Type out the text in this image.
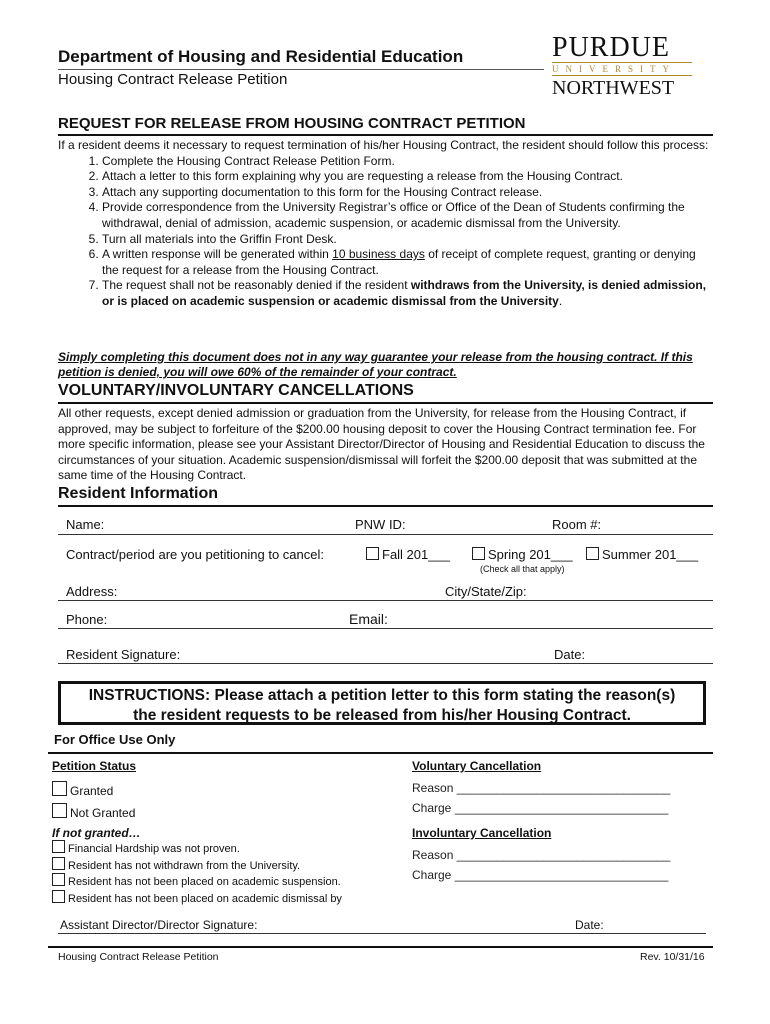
Department of Housing and Residential Education
Housing Contract Release Petition
PURDUE
UNIVERSITY
NORTHWEST
REQUEST FOR RELEASE FROM HOUSING CONTRACT PETITION
If a resident deems it necessary to request termination of his/her Housing Contract, the resident should follow this process:
1. Complete the Housing Contract Release Petition Form.
2. Attach a letter to this form explaining why you are requesting a release from the Housing Contract.
3. Attach any supporting documentation to this form for the Housing Contract release.
4. Provide correspondence from the University Registrar’s office or Office of the Dean of Students confirming the withdrawal, denial of admission, academic suspension, or academic dismissal from the University.
5. Turn all materials into the Griffin Front Desk.
6. A written response will be generated within 10 business days of receipt of complete request, granting or denying the request for a release from the Housing Contract.
7. The request shall not be reasonably denied if the resident withdraws from the University, is denied admission, or is placed on academic suspension or academic dismissal from the University.
Simply completing this document does not in any way guarantee your release from the housing contract. If this petition is denied, you will owe 60% of the remainder of your contract.
VOLUNTARY/INVOLUNTARY CANCELLATIONS
All other requests, except denied admission or graduation from the University, for release from the Housing Contract, if approved, may be subject to forfeiture of the $200.00 housing deposit to cover the Housing Contract termination fee. For more specific information, please see your Assistant Director/Director of Housing and Residential Education to discuss the circumstances of your situation. Academic suspension/dismissal will forfeit the $200.00 deposit that was submitted at the same time of the Housing Contract.
Resident Information
Name:	PNW ID:	Room #:
Contract/period are you petitioning to cancel:	Fall 201___	Spring 201___	Summer 201___
(Check all that apply)
Address:	City/State/Zip:
Phone:	Email:
Resident Signature:	Date:
INSTRUCTIONS: Please attach a petition letter to this form stating the reason(s)
the resident requests to be released from his/her Housing Contract.
For Office Use Only
Petition Status
Granted
Not Granted
If not granted…
Financial Hardship was not proven.
Resident has not withdrawn from the University.
Resident has not been placed on academic suspension.
Resident has not been placed on academic dismissal by
Voluntary Cancellation
Reason ________________________________
Charge ________________________________
Involuntary Cancellation
Reason ________________________________
Charge ________________________________
Assistant Director/Director Signature:	Date:
Housing Contract Release Petition	Rev. 10/31/16
